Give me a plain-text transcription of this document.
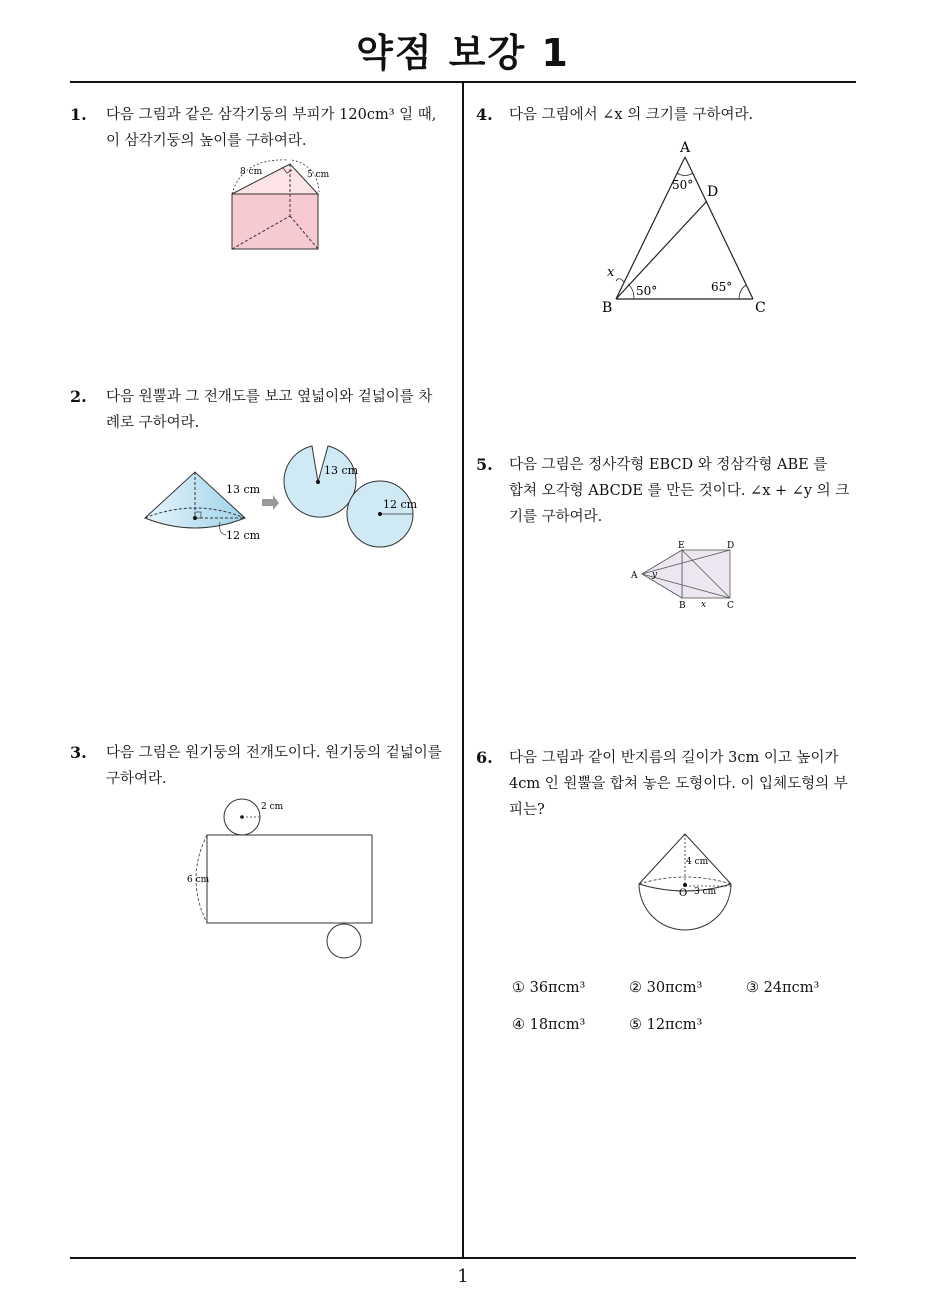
약점 보강 1
1
1. 다음 그림과 같은 삼각기둥의 부피가 120cm³ 일 때,
이 삼각기둥의 높이를 구하여라.
8 cm	5 cm
2. 다음 원뿔과 그 전개도를 보고 옆넓이와 겉넓이를 차
례로 구하여라.
13 cm
12 cm
13 cm
12 cm
3. 다음 그림은 원기둥의 전개도이다. 원기둥의 겉넓이를
구하여라.
2 cm
6 cm
4. 다음 그림에서 ∠x 의 크기를 구하여라.
A
B	C
D
50°
50°	65°
x
5. 다음 그림은 정사각형 EBCD 와 정삼각형 ABE 를
합쳐 오각형 ABCDE 를 만든 것이다. ∠x + ∠y 의 크
기를 구하여라.
E	D
A
B	C
x
y
6. 다음 그림과 같이 반지름의 길이가 3cm 이고 높이가
4cm 인 원뿔을 합쳐 놓은 도형이다. 이 입체도형의 부
피는?
4 cm
3 cm
O
① 36πcm³	② 30πcm³	③ 24πcm³
④ 18πcm³	⑤ 12πcm³
